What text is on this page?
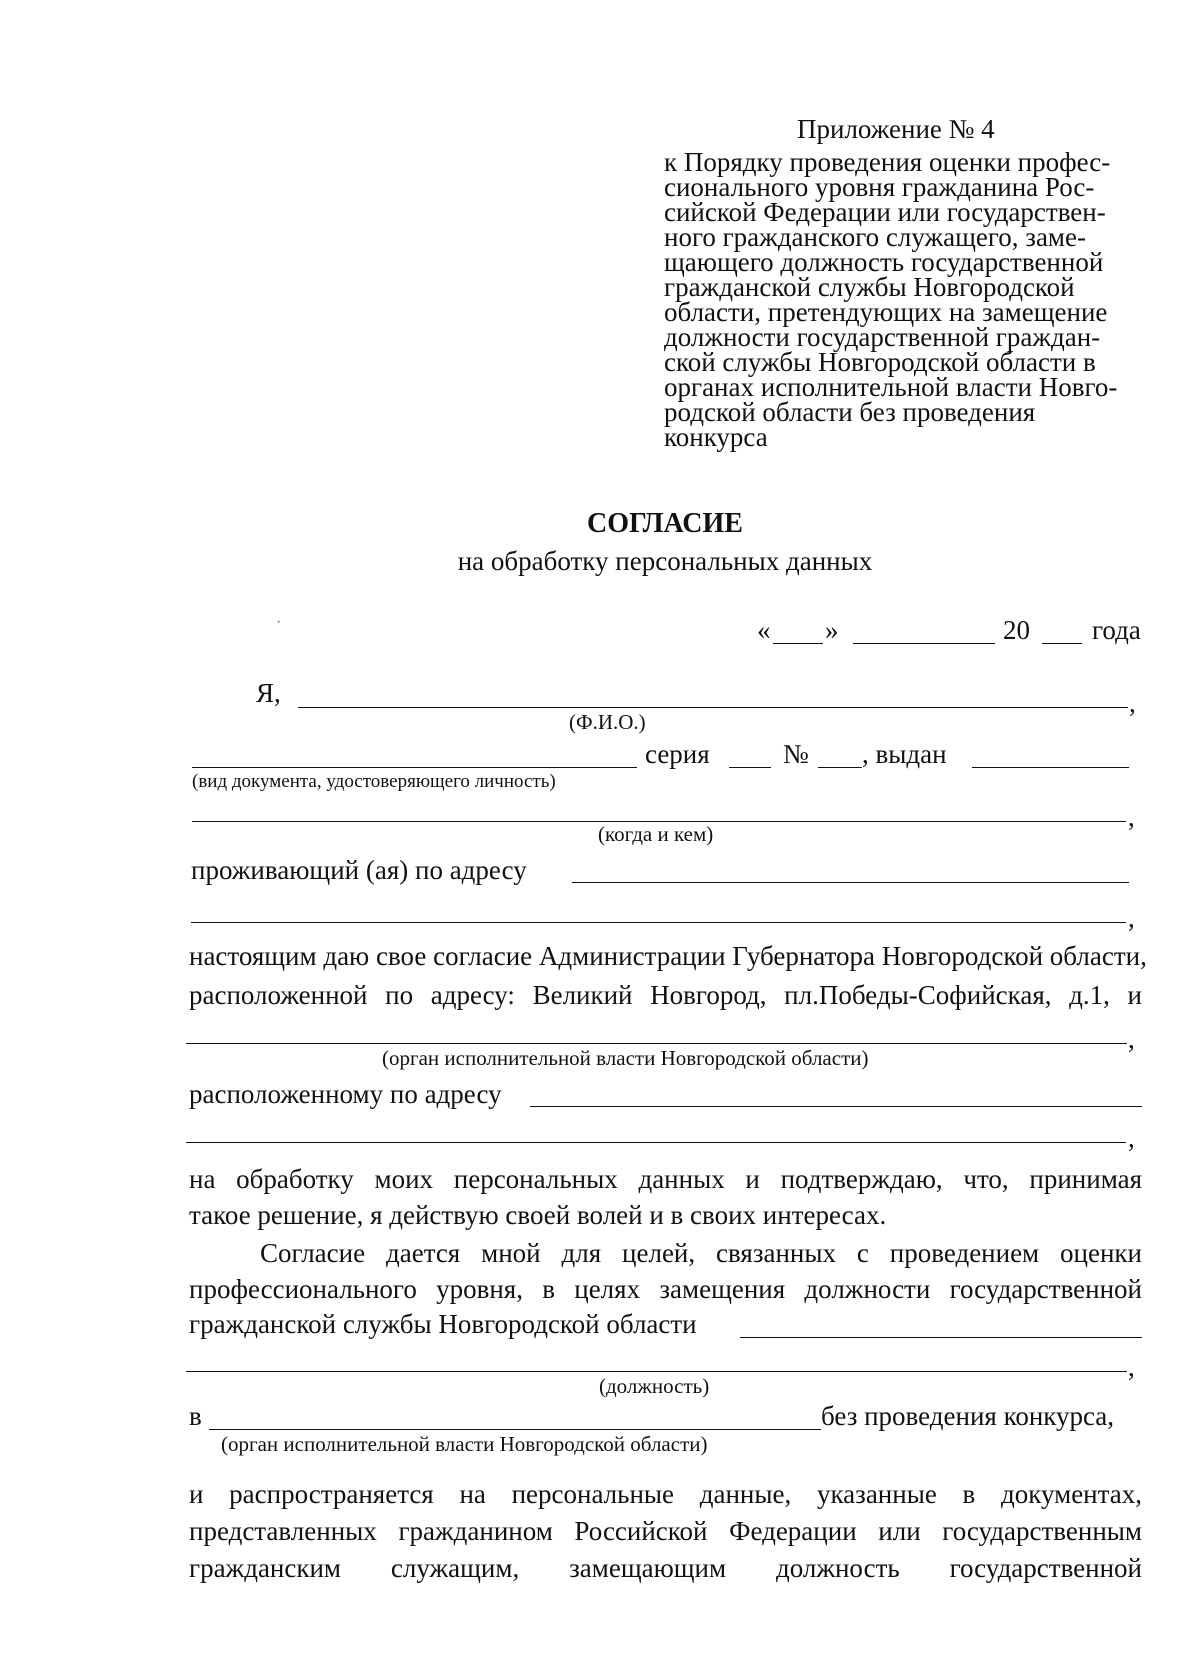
Приложение № 4
к Порядку проведения оценки профес-
сионального уровня гражданина Рос-
сийской Федерации или государствен-
ного гражданского служащего, заме-
щающего должность государственной
гражданской службы Новгородской
области, претендующих на замещение
должности государственной граждан-
ской службы Новгородской области в
органах исполнительной власти Новго-
родской области без проведения
конкурса
СОГЛАСИЕ
на обработку персональных данных
·	« »	20 года
Я,	,
(Ф.И.О.)
серия	№ , выдан
(вид документа, удостоверяющего личность)
,
(когда и кем)
проживающий (ая) по адресу
,
настоящим даю свое согласие Администрации Губернатора Новгородской области,
расположенной по адресу: Великий Новгород, пл.Победы-Софийская, д.1, и
,
(орган исполнительной власти Новгородской области)
расположенному по адресу
,
на обработку моих персональных данных и подтверждаю, что, принимая
такое решение, я действую своей волей и в своих интересах.
Согласие дается мной для целей, связанных с проведением оценки
профессионального уровня, в целях замещения должности государственной
гражданской службы Новгородской области
,
(должность)
в	без проведения конкурса,
(орган исполнительной власти Новгородской области)
и распространяется на персональные данные, указанные в документах,
представленных гражданином Российской Федерации или государственным
гражданским служащим, замещающим должность государственной
